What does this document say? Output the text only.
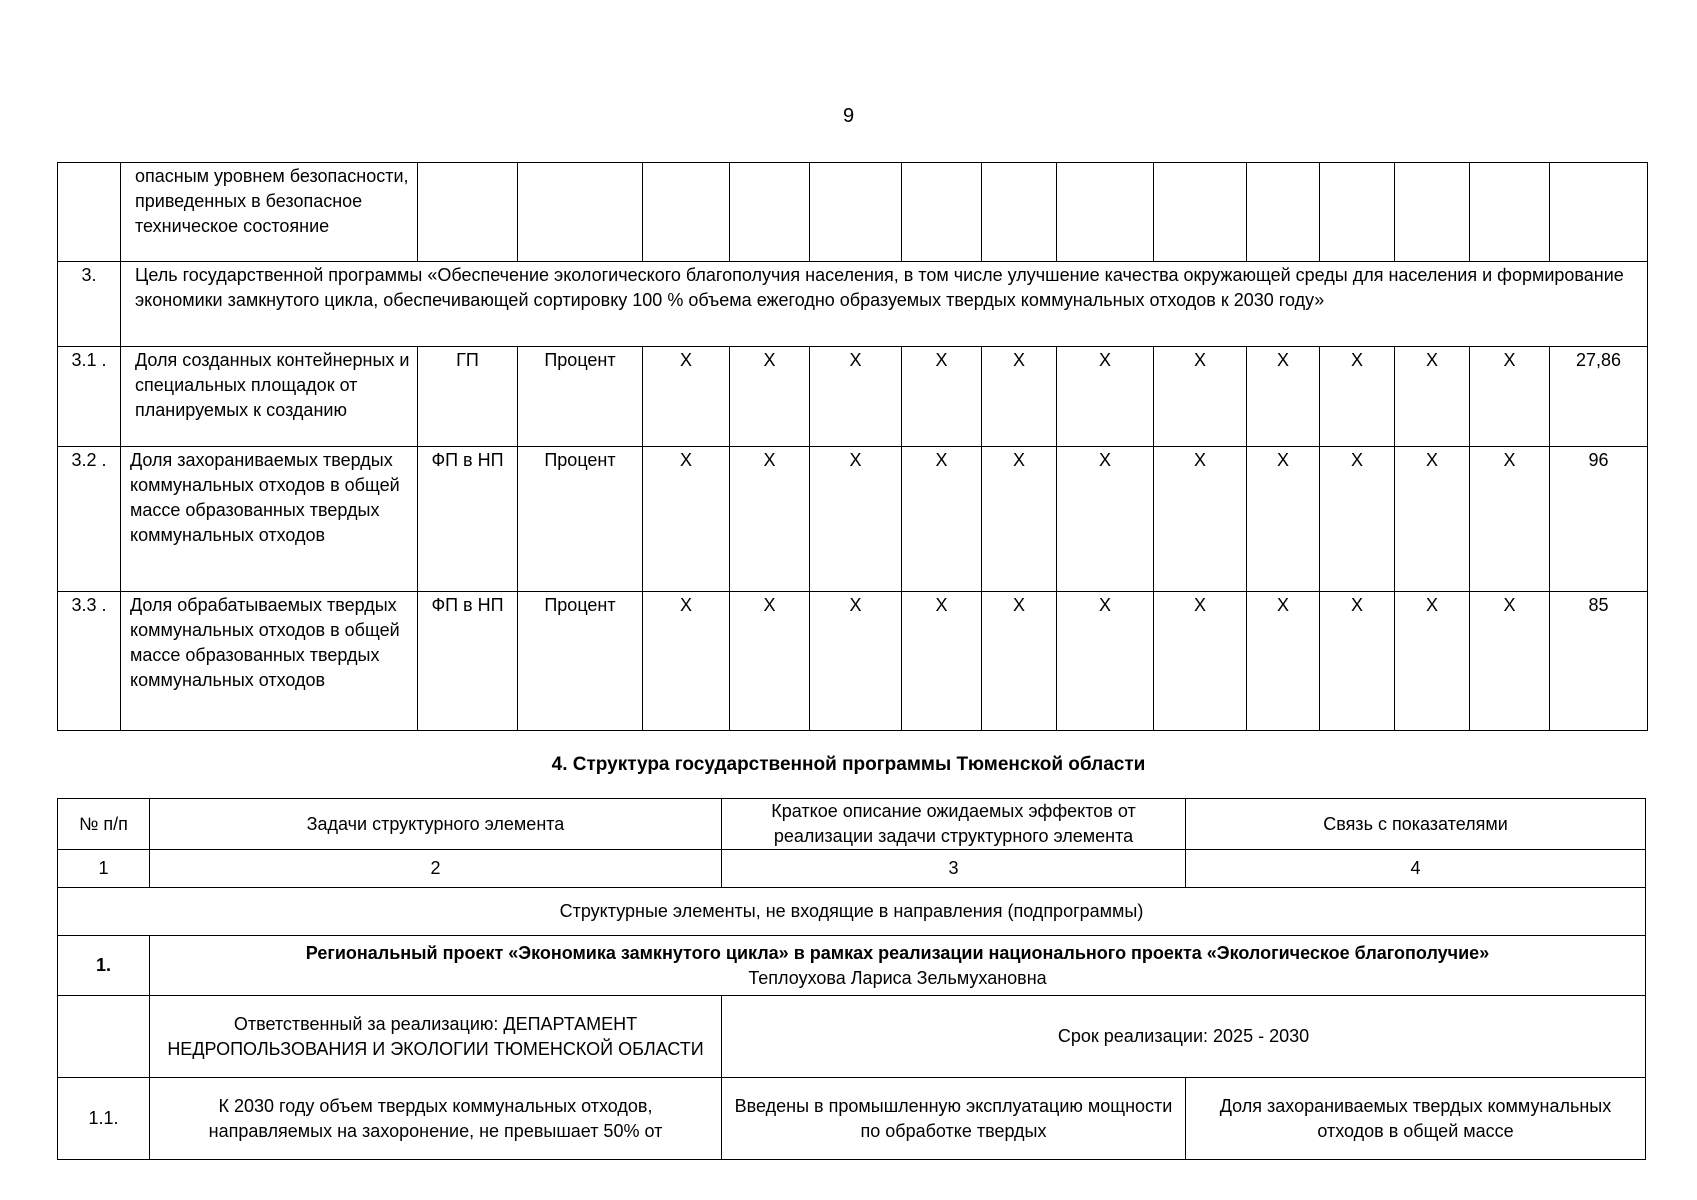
9
	опасным уровнем безопасности, приведенных в безопасное техническое состояние														
3.	Цель государственной программы «Обеспечение экологического благополучия населения, в том числе улучшение качества окружающей среды для населения и формирование экономики замкнутого цикла, обеспечивающей сортировку 100 % объема ежегодно образуемых твердых коммунальных отходов к 2030 году»														
3.1 .	Доля созданных контейнерных и специальных площадок от планируемых к созданию	ГП	Процент	X	X	X	X	X	X	X	X	X	X	X	27,86
3.2 .	Доля захораниваемых твердых коммунальных отходов в общей массе образованных твердых коммунальных отходов	ФП в НП	Процент	X	X	X	X	X	X	X	X	X	X	X	96
3.3 .	Доля обрабатываемых твердых коммунальных отходов в общей массе образованных твердых коммунальных отходов	ФП в НП	Процент	X	X	X	X	X	X	X	X	X	X	X	85
4. Структура государственной программы Тюменской области
№ п/п	Задачи структурного элемента	Краткое описание ожидаемых эффектов от реализации задачи структурного элемента	Связь с показателями
1	2	3	4
Структурные элементы, не входящие в направления (подпрограммы)			
1.	Региональный проект «Экономика замкнутого цикла» в рамках реализации национального проекта «Экологическое благополучие»
Теплоухова Лариса Зельмухановна		

	Ответственный за реализацию: ДЕПАРТАМЕНТ НЕДРОПОЛЬЗОВАНИЯ И ЭКОЛОГИИ ТЮМЕНСКОЙ ОБЛАСТИ	Срок реализации: 2025 - 2030	
1.1.	К 2030 году объем твердых коммунальных отходов, направляемых на захоронение, не превышает 50% от	Введены в промышленную эксплуатацию мощности по обработке твердых	Доля захораниваемых твердых коммунальных отходов в общей массе
